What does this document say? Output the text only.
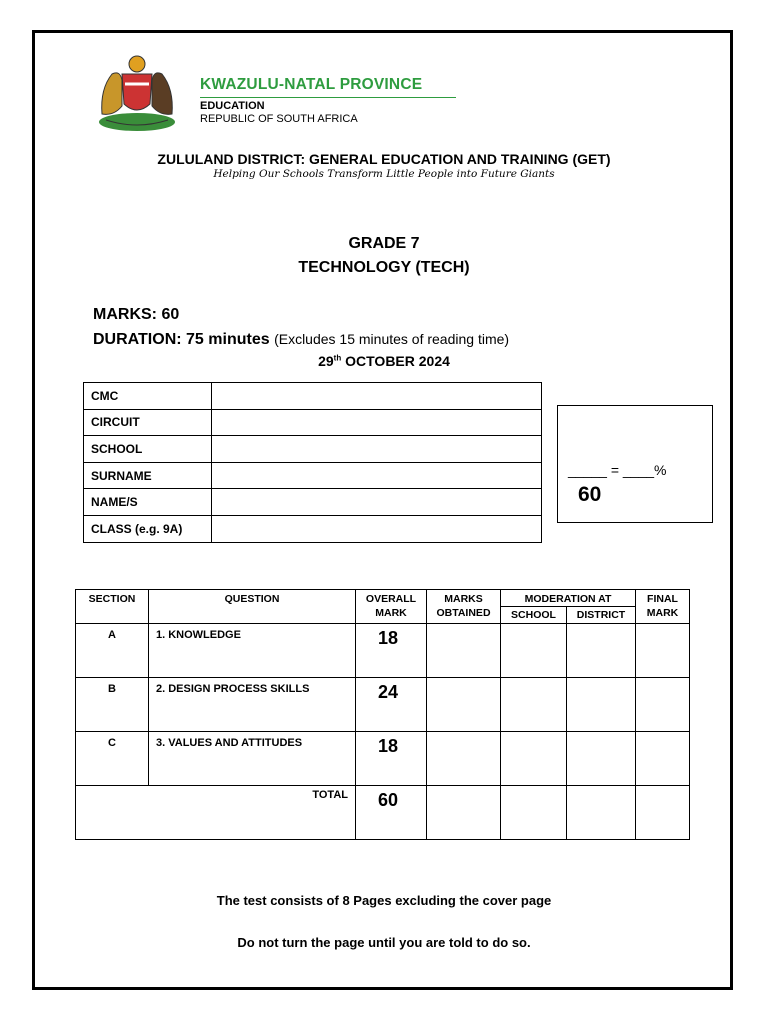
KWAZULU-NATAL PROVINCE
EDUCATION
REPUBLIC OF SOUTH AFRICA
ZULULAND DISTRICT: GENERAL EDUCATION AND TRAINING (GET)
Helping Our Schools Transform Little People into Future Giants
GRADE 7
TECHNOLOGY (TECH)
MARKS: 60
DURATION: 75 minutes (Excludes 15 minutes of reading time)
29th OCTOBER 2024
CMC	
CIRCUIT	
SCHOOL	
SURNAME	
NAME/S	
CLASS (e.g. 9A)	
_____ = ____%
60
SECTION	QUESTION	OVERALL MARK	MARKS OBTAINED	MODERATION AT		FINAL MARK
				SCHOOL	DISTRICT	
A	1. KNOWLEDGE	18				
B	2. DESIGN PROCESS SKILLS	24				
C	3. VALUES AND ATTITUDES	18				
TOTAL		60				
The test consists of 8 Pages excluding the cover page
Do not turn the page until you are told to do so.
